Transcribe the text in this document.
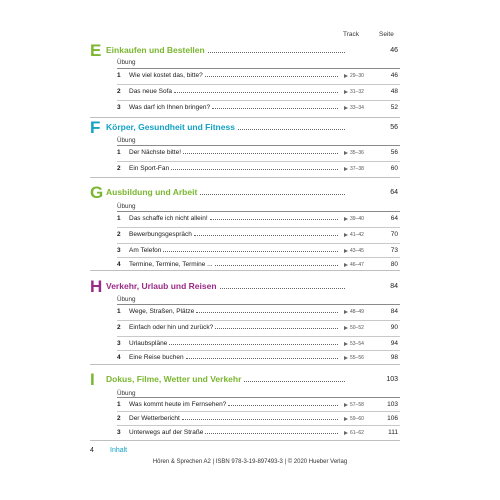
Track	Seite
E Einkaufen und Bestellen	46
Übung
1 Wie viel kostet das, bitte?	29–30	46
2 Das neue Sofa	31–32	48
3 Was darf ich Ihnen bringen?	33–34	52
F Körper, Gesundheit und Fitness	56
Übung
1 Der Nächste bitte!	35–36	56
2 Ein Sport-Fan	37–38	60
G Ausbildung und Arbeit	64
Übung
1 Das schaffe ich nicht allein!	39–40	64
2 Bewerbungsgespräch	41–42	70
3 Am Telefon	43–45	73
4 Termine, Termine, Termine ...	46–47	80
H Verkehr, Urlaub und Reisen	84
Übung
1 Wege, Straßen, Plätze	48–49	84
2 Einfach oder hin und zurück?	50–52	90
3 Urlaubspläne	53–54	94
4 Eine Reise buchen	55–56	98
I Dokus, Filme, Wetter und Verkehr	103
Übung
1 Was kommt heute im Fernsehen?	57–58	103
2 Der Wetterbericht	59–60	106
3 Unterwegs auf der Straße	61–62	111
4 Inhalt
Hören & Sprechen A2 | ISBN 978-3-19-897493-3 | © 2020 Hueber Verlag
